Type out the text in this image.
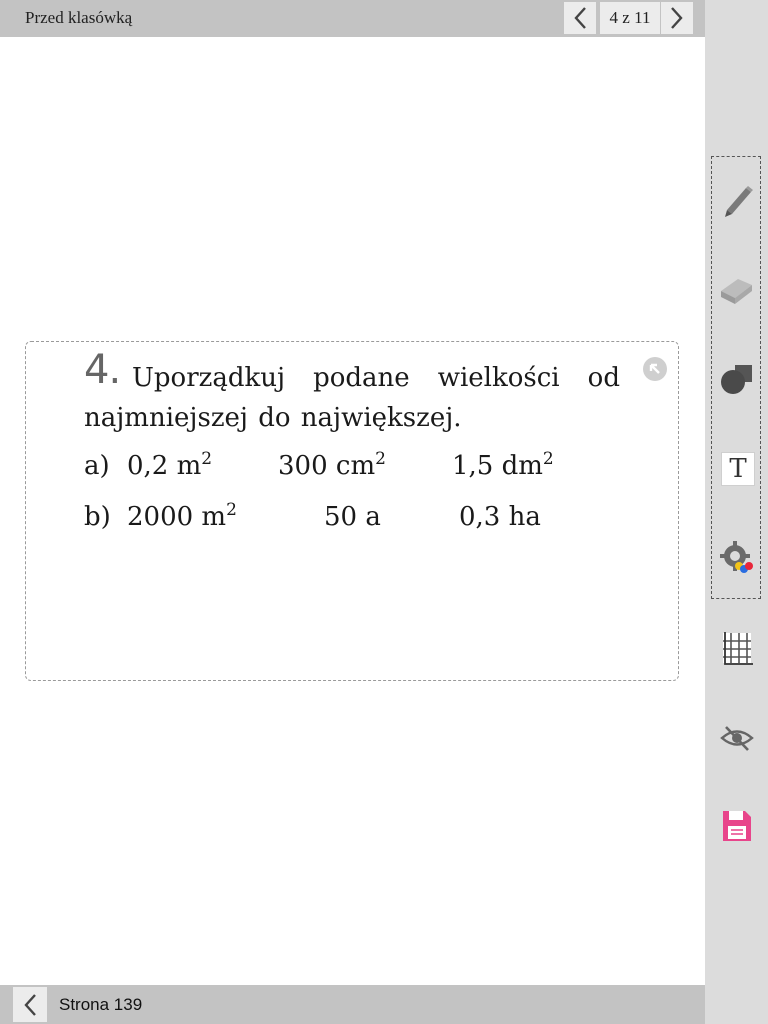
Przed klasówką	4 z 11
T
Strona 139
4. Uporządkuj podane wielkości od
najmniejszej do największej.
a) 0,2 $m^2$	300 $cm^2$	1,5 $dm^2$
b) 2000 $m^2$	50 a	0,3 ha
